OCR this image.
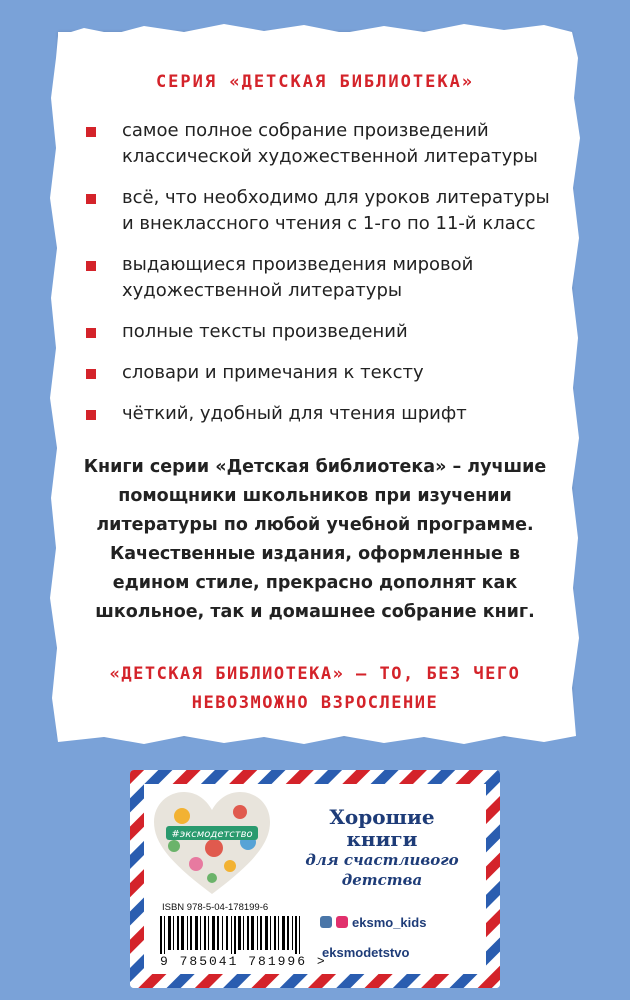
СЕРИЯ «ДЕТСКАЯ БИБЛИОТЕКА»
самое полное собрание произведений классической художественной литературы
всё, что необходимо для уроков литературы и внеклассного чтения с 1-го по 11-й класс
выдающиеся произведения мировой художественной литературы
полные тексты произведений
словари и примечания к тексту
чёткий, удобный для чтения шрифт
Книги серии «Детская библиотека» – лучшие помощники школьников при изучении литературы по любой учебной программе. Качественные издания, оформленные в едином стиле, прекрасно дополнят как школьное, так и домашнее собрание книг.
«ДЕТСКАЯ БИБЛИОТЕКА» – ТО, БЕЗ ЧЕГО НЕВОЗМОЖНО ВЗРОСЛЕНИЕ
#эксмодетство
Хорошие
книги
для счастливого
детства
ISBN 978-5-04-178199-6
9 785041 781996 >
eksmo_kids
eksmodetstvo
